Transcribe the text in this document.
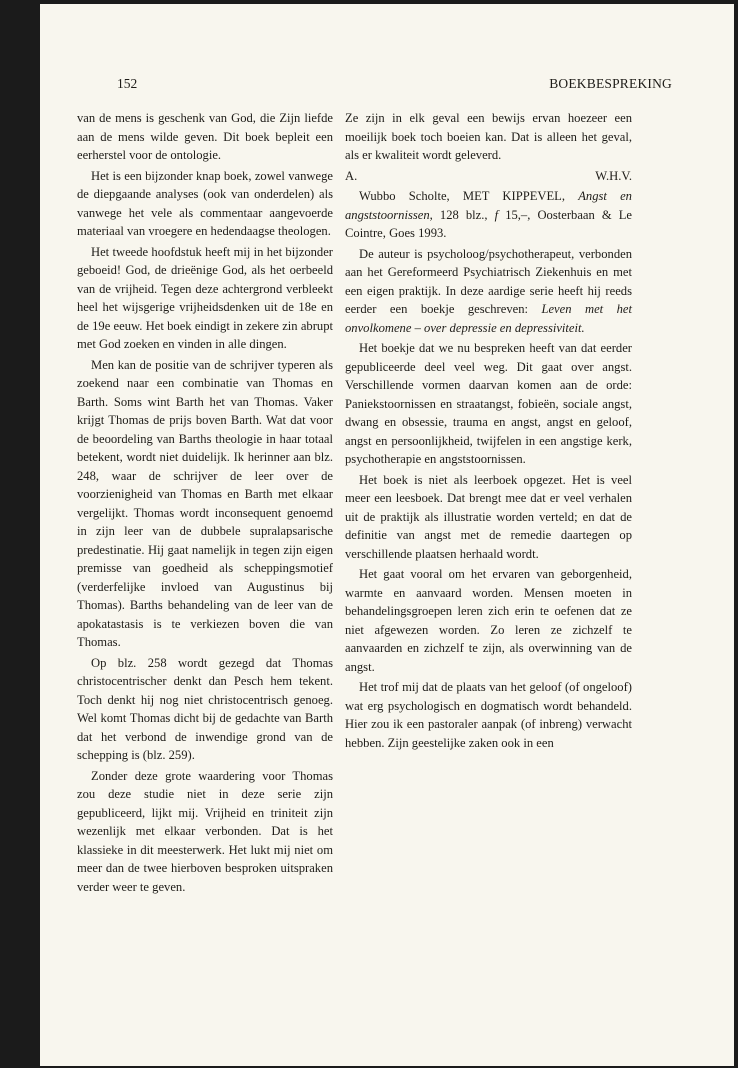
152	BOEKBESPREKING

van de mens is geschenk van God, die Zijn liefde aan de mens wilde geven. Dit boek bepleit een eerherstel voor de ontologie.

Het is een bijzonder knap boek, zowel vanwege de diepgaande analyses (ook van onderdelen) als vanwege het vele als commentaar aangevoerde materiaal van vroegere en hedendaagse theologen.

Het tweede hoofdstuk heeft mij in het bijzonder geboeid! God, de drieënige God, als het oerbeeld van de vrijheid. Tegen deze achtergrond verbleekt heel het wijsgerige vrijheidsdenken uit de 18e en de 19e eeuw. Het boek eindigt in zekere zin abrupt met God zoeken en vinden in alle dingen.

Men kan de positie van de schrijver typeren als zoekend naar een combinatie van Thomas en Barth. Soms wint Barth het van Thomas. Vaker krijgt Thomas de prijs boven Barth. Wat dat voor de beoordeling van Barths theologie in haar totaal betekent, wordt niet duidelijk. Ik herinner aan blz. 248, waar de schrijver de leer over de voorzienigheid van Thomas en Barth met elkaar vergelijkt. Thomas wordt inconsequent genoemd in zijn leer van de dubbele supralapsarische predestinatie. Hij gaat namelijk in tegen zijn eigen premisse van goedheid als scheppingsmotief (verderfelijke invloed van Augustinus bij Thomas). Barths behandeling van de leer van de apokatastasis is te verkiezen boven die van Thomas.

Op blz. 258 wordt gezegd dat Thomas christocentrischer denkt dan Pesch hem tekent. Toch denkt hij nog niet christocentrisch genoeg. Wel komt Thomas dicht bij de gedachte van Barth dat het verbond de inwendige grond van de schepping is (blz. 259).

Zonder deze grote waardering voor Thomas zou deze studie niet in deze serie zijn gepubliceerd, lijkt mij. Vrijheid en triniteit zijn wezenlijk met elkaar verbonden. Dat is het klassieke in dit meesterwerk. Het lukt mij niet om meer dan de twee hierboven besproken uitspraken verder weer te geven.

Ze zijn in elk geval een bewijs ervan hoezeer een moeilijk boek toch boeien kan. Dat is alleen het geval, als er kwaliteit wordt geleverd.

A.	W.H.V.

Wubbo Scholte, MET KIPPEVEL, Angst en angststoornissen, 128 blz., f 15,–, Oosterbaan & Le Cointre, Goes 1993.

De auteur is psycholoog/psychotherapeut, verbonden aan het Gereformeerd Psychiatrisch Ziekenhuis en met een eigen praktijk. In deze aardige serie heeft hij reeds eerder een boekje geschreven: Leven met het onvolkomene – over depressie en depressiviteit.

Het boekje dat we nu bespreken heeft van dat eerder gepubliceerde deel veel weg. Dit gaat over angst. Verschillende vormen daarvan komen aan de orde: Paniekstoornissen en straatangst, fobieën, sociale angst, dwang en obsessie, trauma en angst, angst en geloof, angst en persoonlijkheid, twijfelen in een angstige kerk, psychotherapie en angststoornissen.

Het boek is niet als leerboek opgezet. Het is veel meer een leesboek. Dat brengt mee dat er veel verhalen uit de praktijk als illustratie worden verteld; en dat de definitie van angst met de remedie daartegen op verschillende plaatsen herhaald wordt.

Het gaat vooral om het ervaren van geborgenheid, warmte en aanvaard worden. Mensen moeten in behandelingsgroepen leren zich erin te oefenen dat ze niet afgewezen worden. Zo leren ze zichzelf te aanvaarden en zichzelf te zijn, als overwinning van de angst.

Het trof mij dat de plaats van het geloof (of ongeloof) wat erg psychologisch en dogmatisch wordt behandeld. Hier zou ik een pastoraler aanpak (of inbreng) verwacht hebben. Zijn geestelijke zaken ook in een
